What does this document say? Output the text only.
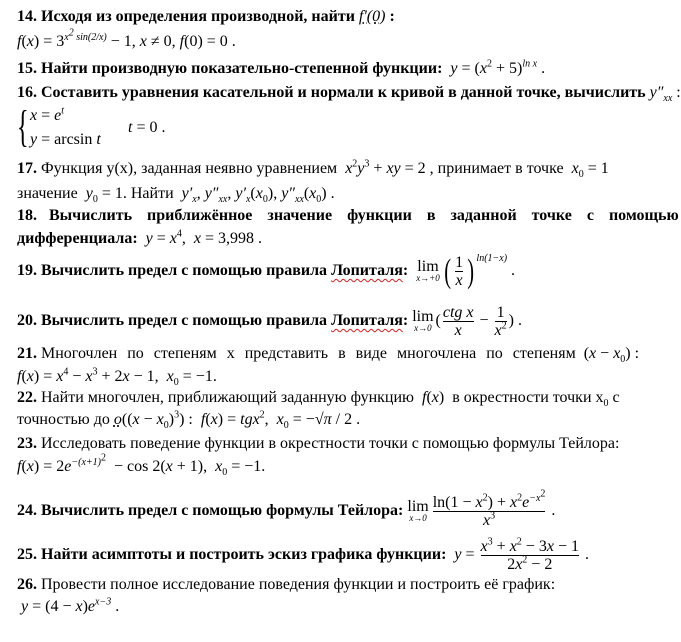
14. Исходя из определения производной, найти f'(0) :
$f(x) = 3^{x^2 sin(2/x)} - 1$, x ≠ 0, f(0) = 0 .
15. Найти производную показательно-степенной функции: $y = (x^2 + 5)^{ln x}$ .
16. Составить уравнения касательной и нормали к кривой в данной точке, вычислить $y''_{xx}$ :
{ $x = e^t$
y = arcsin t
t = 0 .
17. Функция y(x), заданная неявно уравнением $x^2y^3$ + xy = 2 , принимает в точке $x_0 = 1$
значение $y_0 = 1$. Найти $y'_x$, $y''_{xx}$, $y'_x(x_0)$, $y''_{xx}(x_0)$ .
18. Вычислить приближённое значение функции в заданной точке с помощью
дифференциала: $y = x^4$,  x = 3,998 .
19. Вычислить предел с помощью правила Лопиталя: lim
x→+0 ( $\frac{1}{x}$ ) $^{ln(1-x)}$ .
20. Вычислить предел с помощью правила Лопиталя: lim
x→0 ( $\frac{\text{ctg x}}{x} - \frac{1}{x^2}$ ) .
21. Многочлен по степеням x представить в виде многочлена по степеням  $(x - x_0)$ :
$f(x) = x^4 - x^3 + 2x - 1$,  $x_0 = -1$.
22. Найти многочлен, приближающий заданную функцию f(x)  в окрестности точки $x_0$ с
точностью до $o((x - x_0)^3)$ :  f(x) = tgx$^2$,  $x_0 = -√\pi / 2$ .
23. Исследовать поведение функции в окрестности точки с помощью формулы Тейлора:
$f(x) = 2e^{-(x+1)^2} - \cos 2(x + 1)$,  $x_0 = -1$.
24. Вычислить предел с помощью формулы Тейлора: lim
$x\to 0 \frac{\ln(1 - x^2) + x^2e^{-x^2}}{x^3}$ .
25. Найти асимптоты и построить эскиз графика функции: $y = \frac{x^3 + x^2 - 3x - 1}{2x^2 - 2}$ .
26. Провести полное исследование поведения функции и построить её график:
$y = (4 - x)e^{x-3}$ .
